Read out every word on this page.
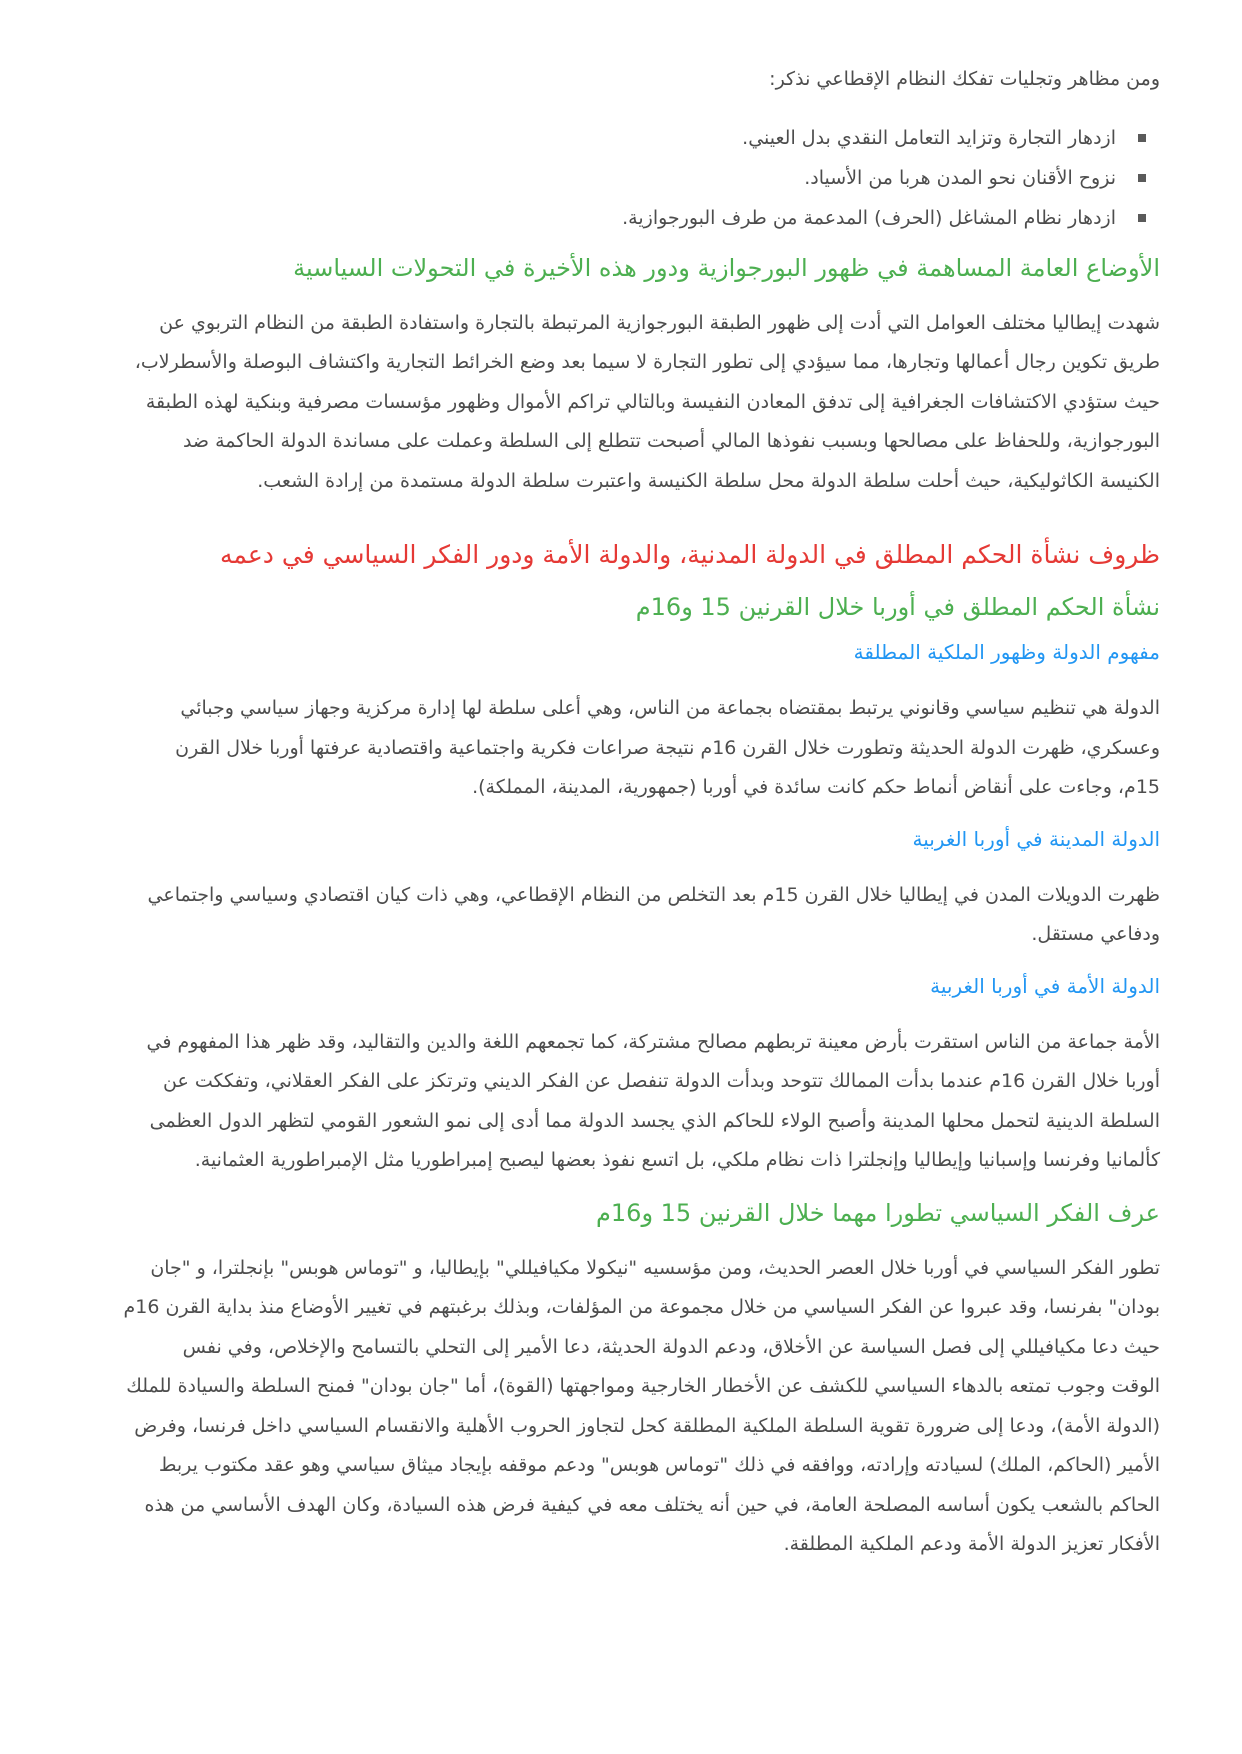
ومن مظاهر وتجليات تفكك النظام الإقطاعي نذكر:

ازدهار التجارة وتزايد التعامل النقدي بدل العيني.
نزوح الأقنان نحو المدن هربا من الأسياد.
ازدهار نظام المشاغل (الحرف) المدعمة من طرف البورجوازية.
الأوضاع العامة المساهمة في ظهور البورجوازية ودور هذه الأخيرة في التحولات السياسية

شهدت إيطاليا مختلف العوامل التي أدت إلى ظهور الطبقة البورجوازية المرتبطة بالتجارة واستفادة الطبقة من النظام التربوي عن

طريق تكوين رجال أعمالها وتجارها، مما سيؤدي إلى تطور التجارة لا سيما بعد وضع الخرائط التجارية واكتشاف البوصلة والأسطرلاب،

حيث ستؤدي الاكتشافات الجغرافية إلى تدفق المعادن النفيسة وبالتالي تراكم الأموال وظهور مؤسسات مصرفية وبنكية لهذه الطبقة

البورجوازية، وللحفاظ على مصالحها وبسبب نفوذها المالي أصبحت تتطلع إلى السلطة وعملت على مساندة الدولة الحاكمة ضد

الكنيسة الكاثوليكية، حيث أحلت سلطة الدولة محل سلطة الكنيسة واعتبرت سلطة الدولة مستمدة من إرادة الشعب.

ظروف نشأة الحكم المطلق في الدولة المدنية، والدولة الأمة ودور الفكر السياسي في دعمه
نشأة الحكم المطلق في أوربا خلال القرنين 15 و16م
مفهوم الدولة وظهور الملكية المطلقة

الدولة هي تنظيم سياسي وقانوني يرتبط بمقتضاه بجماعة من الناس، وهي أعلى سلطة لها إدارة مركزية وجهاز سياسي وجبائي

وعسكري، ظهرت الدولة الحديثة وتطورت خلال القرن 16م نتيجة صراعات فكرية واجتماعية واقتصادية عرفتها أوربا خلال القرن

15م، وجاءت على أنقاض أنماط حكم كانت سائدة في أوربا (جمهورية، المدينة، المملكة).

الدولة المدينة في أوربا الغربية

ظهرت الدويلات المدن في إيطاليا خلال القرن 15م بعد التخلص من النظام الإقطاعي، وهي ذات كيان اقتصادي وسياسي واجتماعي

ودفاعي مستقل.

الدولة الأمة في أوربا الغربية

الأمة جماعة من الناس استقرت بأرض معينة تربطهم مصالح مشتركة، كما تجمعهم اللغة والدين والتقاليد، وقد ظهر هذا المفهوم في

أوربا خلال القرن 16م عندما بدأت الممالك تتوحد وبدأت الدولة تنفصل عن الفكر الديني وترتكز على الفكر العقلاني، وتفككت عن

السلطة الدينية لتحمل محلها المدينة وأصبح الولاء للحاكم الذي يجسد الدولة مما أدى إلى نمو الشعور القومي لتظهر الدول العظمى

كألمانيا وفرنسا وإسبانيا وإيطاليا وإنجلترا ذات نظام ملكي، بل اتسع نفوذ بعضها ليصبح إمبراطوريا مثل الإمبراطورية العثمانية.

عرف الفكر السياسي تطورا مهما خلال القرنين 15 و16م

تطور الفكر السياسي في أوربا خلال العصر الحديث، ومن مؤسسيه "نيكولا مكيافيللي" بإيطاليا، و "توماس هوبس" بإنجلترا، و "جان

بودان" بفرنسا، وقد عبروا عن الفكر السياسي من خلال مجموعة من المؤلفات، وبذلك برغبتهم في تغيير الأوضاع منذ بداية القرن 16م

حيث دعا مكيافيللي إلى فصل السياسة عن الأخلاق، ودعم الدولة الحديثة، دعا الأمير إلى التحلي بالتسامح والإخلاص، وفي نفس

الوقت وجوب تمتعه بالدهاء السياسي للكشف عن الأخطار الخارجية ومواجهتها (القوة)، أما "جان بودان" فمنح السلطة والسيادة للملك

(الدولة الأمة)، ودعا إلى ضرورة تقوية السلطة الملكية المطلقة كحل لتجاوز الحروب الأهلية والانقسام السياسي داخل فرنسا، وفرض

الأمير (الحاكم، الملك) لسيادته وإرادته، ووافقه في ذلك "توماس هوبس" ودعم موقفه بإيجاد ميثاق سياسي وهو عقد مكتوب يربط

الحاكم بالشعب يكون أساسه المصلحة العامة، في حين أنه يختلف معه في كيفية فرض هذه السيادة، وكان الهدف الأساسي من هذه

الأفكار تعزيز الدولة الأمة ودعم الملكية المطلقة.
